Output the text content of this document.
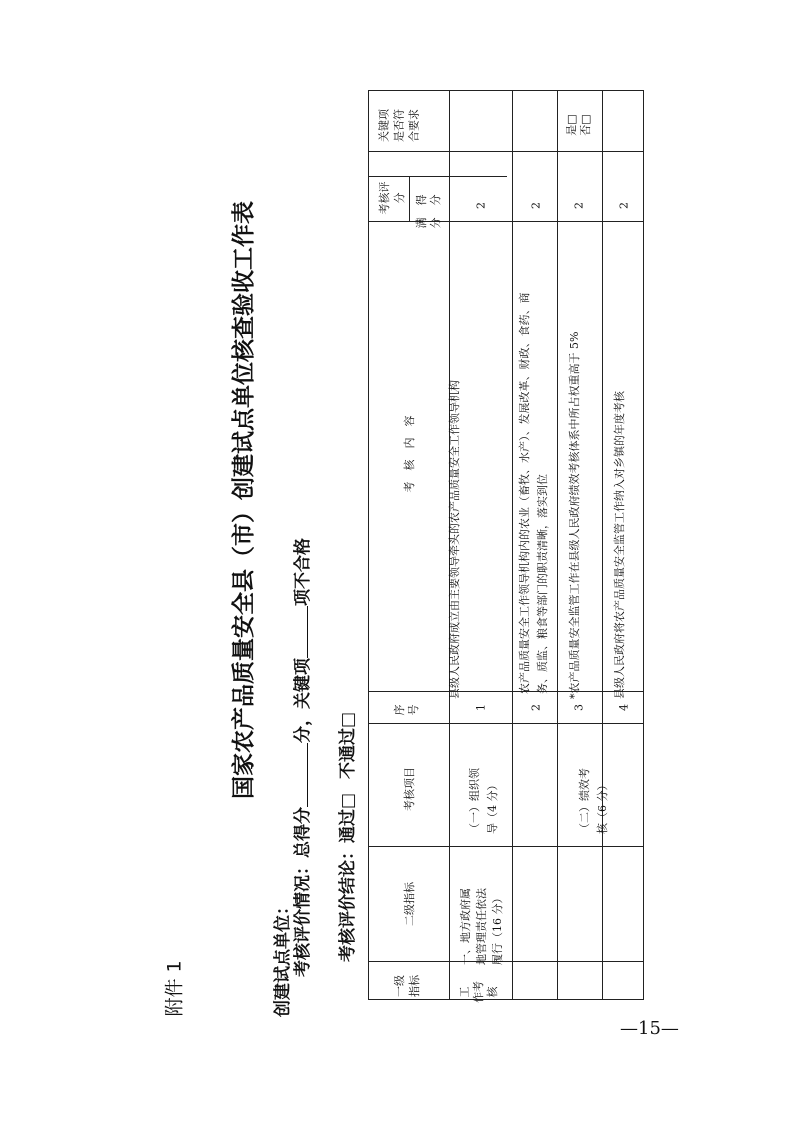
附件 1
国家农产品质量安全县（市）创建试点单位核查验收工作表
创建试点单位： 考核评价情况：总得分分，关键项项不合格
考核评价结论：通过□不通过□
关键项
是否符
合要求
考核评
分
满
分
得
分
考　核　内　容
序
号
考核项目
二级指标
一级
指标
县级人民政府成立由主要领导牵头的农产品质量安全工作领导机构
2
1
农产品质量安全工作领导机构内的农业（畜牧、水产）、发展改革、财政、食药、商
务、质监、粮食等部门的职责清晰，落实到位
2
2
*农产品质量安全监管工作在县级人民政府绩效考核体系中所占权重高于 5%
2
3
是□
否□
县级人民政府将农产品质量安全监管工作纳入对乡镇的年度考核
2
4
（一）组织领
导（4 分）	（二）绩效考
核（6 分）
一、地方政府属
地管理责任依法
履行（16 分）
工
作考
核
—15—
